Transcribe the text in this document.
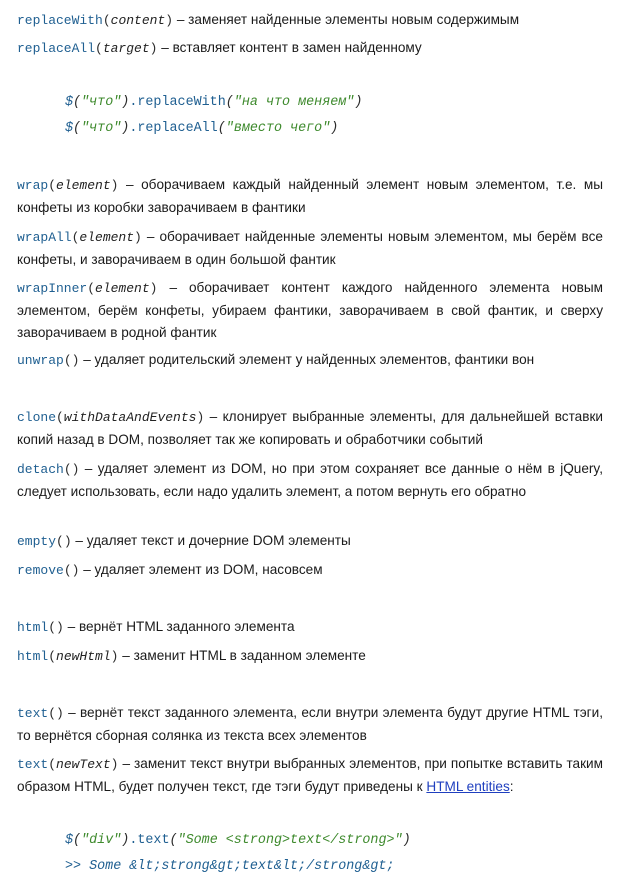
replaceWith(content) – заменяет найденные элементы новым содержимым

replaceAll(target) – вставляет контент в замен найденному

wrap(element) – оборачиваем каждый найденный элемент новым элементом, т.е. мы конфеты из коробки заворачиваем в фантики

wrapAll(element) – оборачивает найденные элементы новым элементом, мы берём все конфеты, и заворачиваем в один большой фантик

wrapInner(element) – оборачивает контент каждого найденного элемента новым элементом, берём конфеты, убираем фантики, заворачиваем в свой фантик, и сверху заворачиваем в родной фантик

unwrap() – удаляет родительский элемент у найденных элементов, фантики вон

clone(withDataAndEvents) – клонирует выбранные элементы, для дальнейшей вставки копий назад в DOM, позволяет так же копировать и обработчики событий

detach() – удаляет элемент из DOM, но при этом сохраняет все данные о нём в jQuery, следует использовать, если надо удалить элемент, а потом вернуть его обратно

empty() – удаляет текст и дочерние DOM элементы

remove() – удаляет элемент из DOM, насовсем

html() – вернёт HTML заданного элемента

html(newHtml) – заменит HTML в заданном элементе

text() – вернёт текст заданного элемента, если внутри элемента будут другие HTML тэги, то вернётся сборная солянка из текста всех элементов

text(newText) – заменит текст внутри выбранных элементов, при попытке вставить таким образом HTML, будет получен текст, где тэги будут приведены к HTML entities:

$("что").replaceWith("на что меняем")
$("что").replaceAll("вместо чего")
$("div").text("Some <strong>text</strong>")
>> Some &lt;strong&gt;text&lt;/strong&gt;
